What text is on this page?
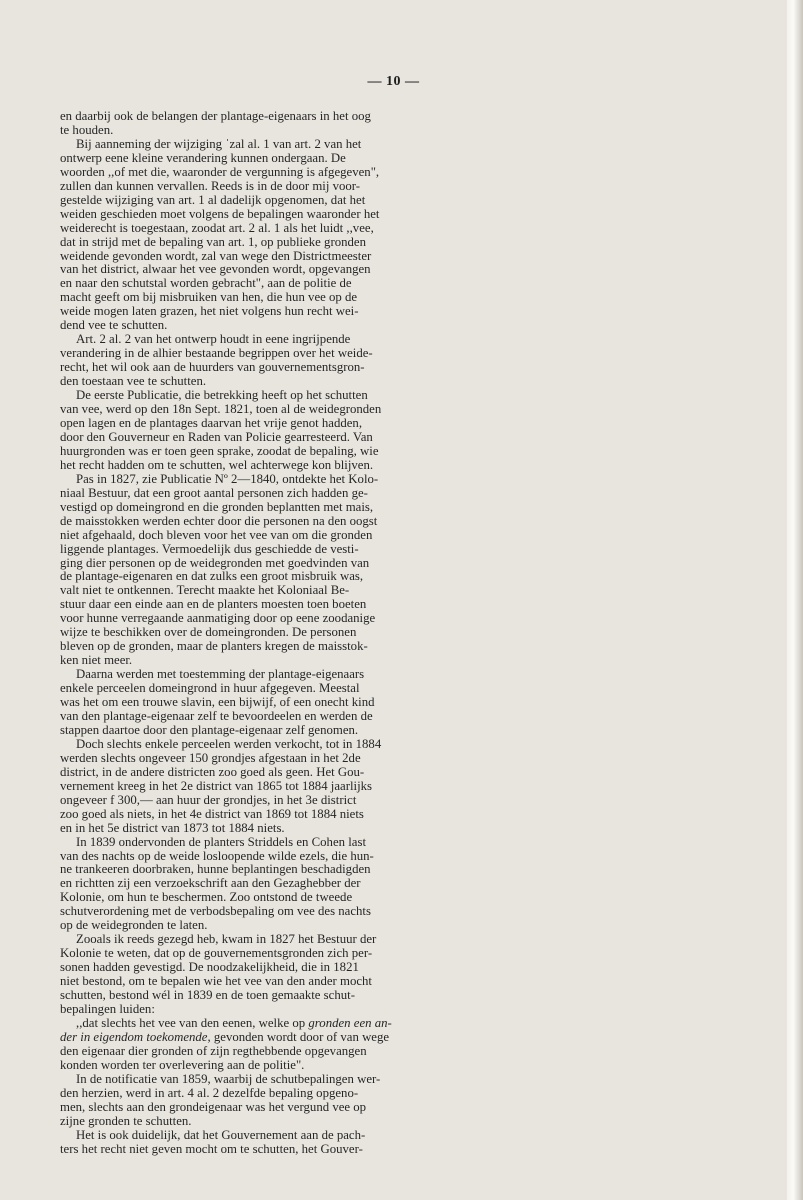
— 10 —
en daarbij ook de belangen der plantage-eigenaars in het oog
te houden.
Bij aanneming der wijziging ˈzal al. 1 van art. 2 van het
ontwerp eene kleine verandering kunnen ondergaan. De
woorden ,,of met die, waaronder de vergunning is afgegeven",
zullen dan kunnen vervallen. Reeds is in de door mij voor-
gestelde wijziging van art. 1 al dadelijk opgenomen, dat het
weiden geschieden moet volgens de bepalingen waaronder het
weiderecht is toegestaan, zoodat art. 2 al. 1 als het luidt ,,vee,
dat in strijd met de bepaling van art. 1, op publieke gronden
weidende gevonden wordt, zal van wege den Districtmeester
van het district, alwaar het vee gevonden wordt, opgevangen
en naar den schutstal worden gebracht", aan de politie de
macht geeft om bij misbruiken van hen, die hun vee op de
weide mogen laten grazen, het niet volgens hun recht wei-
dend vee te schutten.
Art. 2 al. 2 van het ontwerp houdt in eene ingrijpende
verandering in de alhier bestaande begrippen over het weide-
recht, het wil ook aan de huurders van gouvernementsgron-
den toestaan vee te schutten.
De eerste Publicatie, die betrekking heeft op het schutten
van vee, werd op den 18n Sept. 1821, toen al de weidegronden
open lagen en de plantages daarvan het vrije genot hadden,
door den Gouverneur en Raden van Policie gearresteerd. Van
huurgronden was er toen geen sprake, zoodat de bepaling, wie
het recht hadden om te schutten, wel achterwege kon blijven.
Pas in 1827, zie Publicatie Nº 2—1840, ontdekte het Kolo-
niaal Bestuur, dat een groot aantal personen zich hadden ge-
vestigd op domeingrond en die gronden beplantten met mais,
de maisstokken werden echter door die personen na den oogst
niet afgehaald, doch bleven voor het vee van om die gronden
liggende plantages. Vermoedelijk dus geschiedde de vesti-
ging dier personen op de weidegronden met goedvinden van
de plantage-eigenaren en dat zulks een groot misbruik was,
valt niet te ontkennen. Terecht maakte het Koloniaal Be-
stuur daar een einde aan en de planters moesten toen boeten
voor hunne verregaande aanmatiging door op eene zoodanige
wijze te beschikken over de domeingronden. De personen
bleven op de gronden, maar de planters kregen de maisstok-
ken niet meer.
Daarna werden met toestemming der plantage-eigenaars
enkele perceelen domeingrond in huur afgegeven. Meestal
was het om een trouwe slavin, een bijwijf, of een onecht kind
van den plantage-eigenaar zelf te bevoordeelen en werden de
stappen daartoe door den plantage-eigenaar zelf genomen.
Doch slechts enkele perceelen werden verkocht, tot in 1884
werden slechts ongeveer 150 grondjes afgestaan in het 2de
district, in de andere districten zoo goed als geen. Het Gou-
vernement kreeg in het 2e district van 1865 tot 1884 jaarlijks
ongeveer f 300,— aan huur der grondjes, in het 3e district
zoo goed als niets, in het 4e district van 1869 tot 1884 niets
en in het 5e district van 1873 tot 1884 niets.
In 1839 ondervonden de planters Striddels en Cohen last
van des nachts op de weide losloopende wilde ezels, die hun-
ne trankeeren doorbraken, hunne beplantingen beschadigden
en richtten zij een verzoekschrift aan den Gezaghebber der
Kolonie, om hun te beschermen. Zoo ontstond de tweede
schutverordening met de verbodsbepaling om vee des nachts
op de weidegronden te laten.
Zooals ik reeds gezegd heb, kwam in 1827 het Bestuur der
Kolonie te weten, dat op de gouvernementsgronden zich per-
sonen hadden gevestigd. De noodzakelijkheid, die in 1821
niet bestond, om te bepalen wie het vee van den ander mocht
schutten, bestond wél in 1839 en de toen gemaakte schut-
bepalingen luiden:
,,dat slechts het vee van den eenen, welke op gronden een an-
der in eigendom toekomende, gevonden wordt door of van wege
den eigenaar dier gronden of zijn regthebbende opgevangen
konden worden ter overlevering aan de politie".
In de notificatie van 1859, waarbij de schutbepalingen wer-
den herzien, werd in art. 4 al. 2 dezelfde bepaling opgeno-
men, slechts aan den grondeigenaar was het vergund vee op
zijne gronden te schutten.
Het is ook duidelijk, dat het Gouvernement aan de pach-
ters het recht niet geven mocht om te schutten, het Gouver-
